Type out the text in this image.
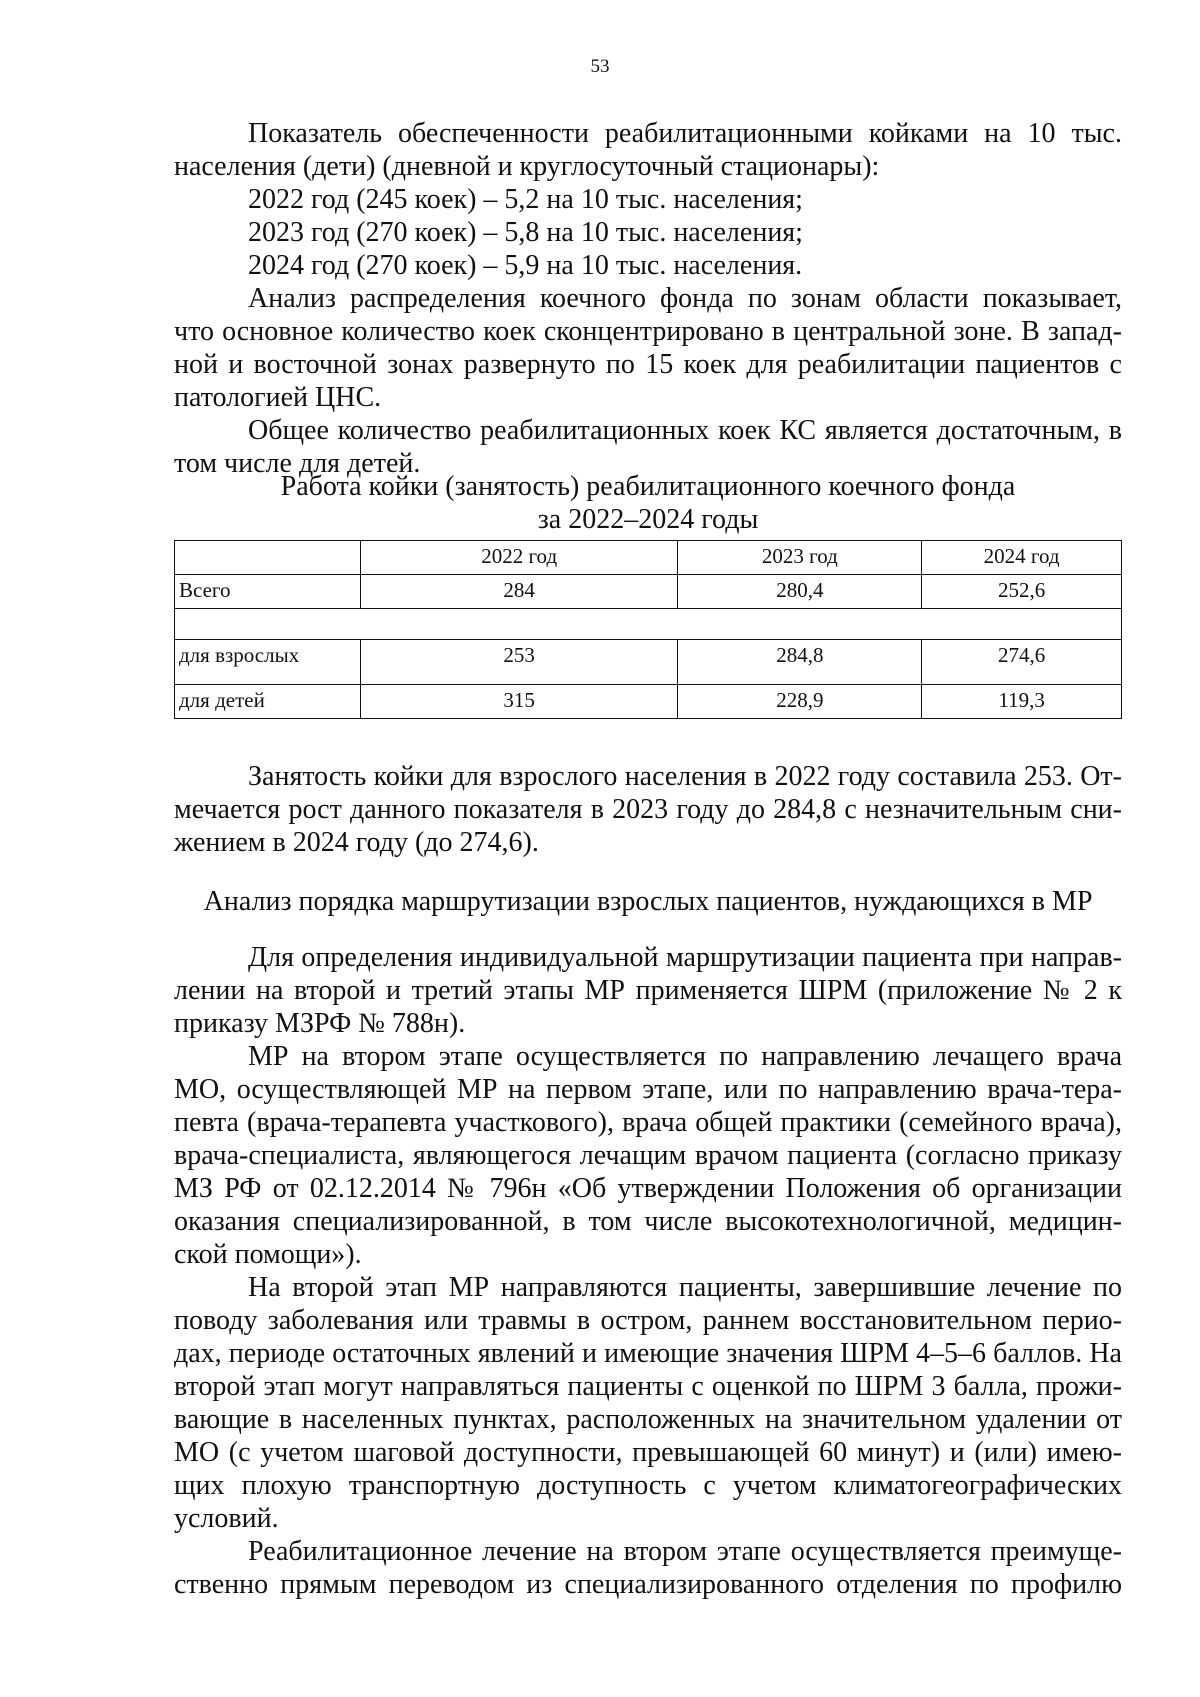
53
Показатель обеспеченности реабилитационными койками на 10 тыс.
населения (дети) (дневной и круглосуточный стационары):
2022 год (245 коек) – 5,2 на 10 тыс. населения;
2023 год (270 коек) – 5,8 на 10 тыс. населения;
2024 год (270 коек) – 5,9 на 10 тыс. населения.
Анализ распределения коечного фонда по зонам области показывает,
что основное количество коек сконцентрировано в центральной зоне. В запад-
ной и восточной зонах развернуто по 15 коек для реабилитации пациентов с
патологией ЦНС.
Общее количество реабилитационных коек КС является достаточным, в
том числе для детей.
Работа койки (занятость) реабилитационного коечного фонда
за 2022–2024 годы
	2022 год	2023 год	2024 год
Всего	284	280,4	252,6

для взрослых	253	284,8	274,6
для детей	315	228,9	119,3
Занятость койки для взрослого населения в 2022 году составила 253. От-
мечается рост данного показателя в 2023 году до 284,8 с незначительным сни-
жением в 2024 году (до 274,6).
Анализ порядка маршрутизации взрослых пациентов, нуждающихся в МР
Для определения индивидуальной маршрутизации пациента при направ-
лении на второй и третий этапы МР применяется ШРМ (приложение № 2 к
приказу МЗРФ № 788н).
МР на втором этапе осуществляется по направлению лечащего врача
МО, осуществляющей МР на первом этапе, или по направлению врача-тера-
певта (врача-терапевта участкового), врача общей практики (семейного врача),
врача-специалиста, являющегося лечащим врачом пациента (согласно приказу
МЗ РФ от 02.12.2014 № 796н «Об утверждении Положения об организации
оказания специализированной, в том числе высокотехнологичной, медицин-
ской помощи»).
На второй этап МР направляются пациенты, завершившие лечение по
поводу заболевания или травмы в остром, раннем восстановительном перио-
дах, периоде остаточных явлений и имеющие значения ШРМ 4–5–6 баллов. На
второй этап могут направляться пациенты с оценкой по ШРМ 3 балла, прожи-
вающие в населенных пунктах, расположенных на значительном удалении от
МО (с учетом шаговой доступности, превышающей 60 минут) и (или) имею-
щих плохую транспортную доступность с учетом климатогеографических
условий.
Реабилитационное лечение на втором этапе осуществляется преимуще-
ственно прямым переводом из специализированного отделения по профилю
